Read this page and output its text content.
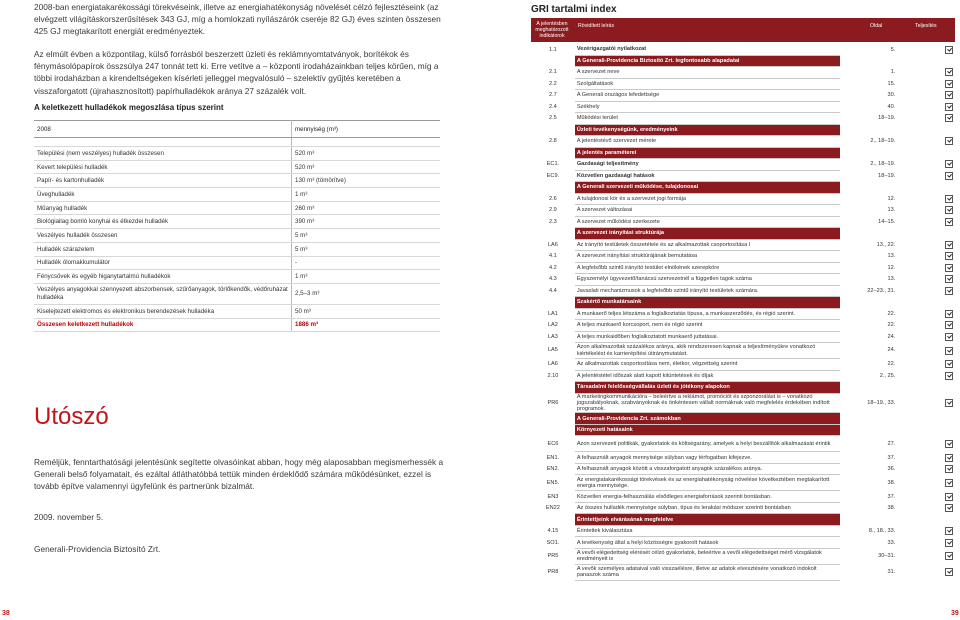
2008-ban energiatakarékossági törekvéseink, illetve az energiahatékonyság növelését célzó fejlesztéseink (az elvégzett világításkorszerűsítések 343 GJ, míg a homlokzati nyílászárók cseréje 82 GJ) éves szinten összesen 425 GJ megtakarított energiát eredményeztek.

Az elmúlt évben a központilag, külső forrásból beszerzett üzleti és reklámnyomtatványok, borítékok és fénymásolópapírok összsúlya 247 tonnát tett ki. Erre vetítve a – központi irodaházainkban teljes körűen, míg a többi irodaházban a kirendeltségeken kísérleti jelleggel megvalósuló – szelektív gyűjtés keretében a visszaforgatott (újrahasznosított) papírhulladékok aránya 27 százalék volt.

A keletkezett hulladékok megoszlása típus szerint
2008	mennyiség (m³)

Települési (nem veszélyes) hulladék összesen	520 m³
Kevert települési hulladék	520 m³
Papír- és kartonhulladék	130 m³ (tömörítve)
Üveghulladék	1 m³
Műanyag hulladék	260 m³
Biológiailag bomló konyhai és étkezdei hulladék	390 m³
Veszélyes hulladék összesen	5 m³
Hulladék szárazelem	5 m³
Hulladék ólomakkumulátor	-
Fénycsövek és egyéb higanytartalmú hulladékok	1 m³
Veszélyes anyagokkal szennyezett abszorbensek, szűrőanyagok, törlőkendők, védőruházat hulladéka	2,5–3 m³
Kiselejtezett elektromos és elektronikus berendezések hulladéka	50 m³
Összesen keletkezett hulladékok	1886 m³
Utószó

Reméljük, fenntarthatósági jelentésünk segítette olvasóinkat abban, hogy még alaposabban megismerhessék a Generali belső folyamatait, és ezáltal átláthatóbbá tettük minden érdeklődő számára működésünket, ezzel is tovább építve valamennyi ügyfelünk és partnerünk bizalmát.

2009. november 5.
Generali-Providencia Biztosító Zrt.
38
GRI tartalmi index
A jelentésben meghatározott indikátorok
Rövidített leírás	Oldal	Teljesítés
1.1	Vezérigazgatói nyilatkozat	5.	
	A Generali-Providencia Biztosító Zrt. legfontosabb alapadatai		
2.1	A szervezet neve	1.	
2.2	Szolgáltatások	15.	
2.7	A Generali országos lefedettsége	30.	
2.4	Székhely	40.	
2.5	Működési terület	18–19.	
	Üzleti tevékenységünk, eredményeink		
2.8	A jelentéstévő szervezet mérete	2., 18–19.	
	A jelentés paraméterei		
EC1.	Gazdasági teljesítmény	2., 18–19.	
EC9.	Közvetlen gazdasági hatások	18–19.	
	A Generali szervezeti működése, tulajdonosai		
2.6	A tulajdonosi kör és a szervezet jogi formája	12.	
2.9	A szervezet változásai	13.	
2.3	A szervezet működési szerkezete	14–15.	
	A szervezet irányítási struktúrája		
LA6	Az irányító testületek összetétele és az alkalmazottak csoportosítása I	13., 22.	
4.1	A szervezet irányítási struktúrájának bemutatása	13.	
4.2	A legfelsőbb szintű irányító testület elnökének szerepköre	12.	
4.3	Egyszemélyi ügyvezető/tanácsú szervezetnél a független tagok száma	13.	
4.4	Javaslati mechanizmusok a legfelsőbb szintű irányító testületek számára.	22–23., 31.	
	Szakértő munkatársaink		
LA1	A munkaerő teljes létszáma a foglalkoztatás típusa, a munkaszerződés, és régió szerint.	22.	
LA2	A teljes munkaerő korcsoport, nem és régió szerint	22.	
LA3	A teljes munkaidőben foglalkoztatott munkaerő juttatásai.	24.	
LA5	Azon alkalmazottak százalékos aránya, akik rendszeresen kapnak a teljesítményükre vonatkozó kiértékelést és karrierépítési útiránymutatást.	24.	
LA6	Az alkalmazottak csoportosítása nem, életkor, végzettség szerint	22.	
2.10	A jelentéstétel időszak alatt kapott kitüntetések és díjak	2., 25.	
	Társadalmi felelősségvállalás üzleti és jótékony alapokon		
PR6	A marketingkommunikációra – beleértve a reklámot, promóciót és szponzorálást is – vonatkozó jogszabályoknak, szabványoknak és önkéntesen vállalt normáknak való megfelelés érdekében indított programok.	18–19., 33.	
	A Generali-Providencia Zrt. számokban		
	Környezeti hatásaink		
EC6	Azon szervezeti politikák, gyakorlatok és költségarány, amelyek a helyi beszállítók alkalmazását érintik	27.	
EN1.	A felhasznált anyagok mennyisége súlyban vagy térfogatban kifejezve.	37.	
EN2.	A felhasznált anyagok között a visszaforgatott anyagok százalékos aránya.	36.	
EN5.	Az energiatakarékossági törekvések és az energiahatékonyság növelése következtében megtakarított energia mennyisége.	38.	
EN3	Közvetlen energia-felhasználás elsődleges energiaforrások szerinti bontásban.	37.	
EN22	Az összes hulladék mennyisége súlyban, típus és lerakási módszer szerinti bontásban	38.	
	Érintettjeink elvárásának megfelelve		
4.15	Érintettek kiválasztása	8., 18., 33.	
SO1.	A tevékenység által a helyi közösségre gyakorolt hatások	33.	
PR5	A vevői elégedettség elérését célzó gyakorlatok, beleértve a vevői elégedettséget mérő vizsgálatok eredményeit is	30–31.	
PR8	A vevők személyes adataival való visszaélésre, illetve az adatok elvesztésére vonatkozó indokolt panaszok száma	31.	
39
